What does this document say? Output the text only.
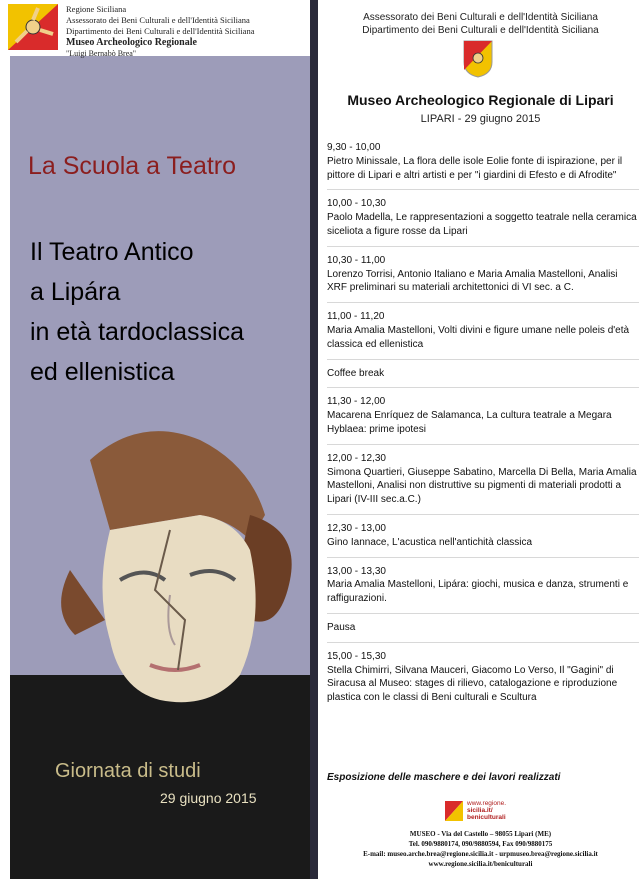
Regione Siciliana
Assessorato dei Beni Culturali e dell'Identità Siciliana
Dipartimento dei Beni Culturali e dell'Identità Siciliana
Museo Archeologico Regionale
"Luigi Bernabò Brea"
La Scuola a Teatro
Il Teatro Antico
a Lipára
in età tardoclassica
ed ellenistica
Giornata di studi
29 giugno 2015
Assessorato dei Beni Culturali e dell'Identità Siciliana
Dipartimento dei Beni Culturali e dell'Identità Siciliana
Museo Archeologico Regionale di Lipari
LIPARI - 29 giugno 2015
9,30 - 10,00
Pietro Minissale, La flora delle isole Eolie fonte di ispirazione, per il pittore di Lipari e altri artisti e per "i giardini di Efesto e di Afrodite"
10,00 - 10,30
Paolo Madella, Le rappresentazioni a soggetto teatrale nella ceramica siceliota a figure rosse da Lipari
10,30 - 11,00
Lorenzo Torrisi, Antonio Italiano e Maria Amalia Mastelloni, Analisi XRF preliminari su materiali architettonici di VI sec. a C.
11,00 - 11,20
Maria Amalia Mastelloni, Volti divini e figure umane nelle poleis d'età classica ed ellenistica
Coffee break
11,30 - 12,00
Macarena Enríquez de Salamanca, La cultura teatrale a Megara Hyblaea: prime ipotesi
12,00 - 12,30
Simona Quartieri, Giuseppe Sabatino, Marcella Di Bella, Maria Amalia Mastelloni, Analisi non distruttive su pigmenti di materiali prodotti a Lipari (IV-III sec.a.C.)
12,30 - 13,00
Gino Iannace, L'acustica nell'antichità classica
13,00 - 13,30
Maria Amalia Mastelloni, Lipára: giochi, musica e danza, strumenti e raffigurazioni.
Pausa
15,00 - 15,30
Stella Chimirri, Silvana Mauceri, Giacomo Lo Verso, Il "Gagini" di Siracusa al Museo: stages di rilievo, catalogazione e riproduzione plastica con le classi di Beni culturali e Scultura
Esposizione delle maschere e dei lavori realizzati
www.regione.
sicilia.it/
beniculturali
MUSEO - Via del Castello – 98055 Lipari (ME)
Tel. 090/9880174, 090/9880594, Fax 090/9880175
E-mail: museo.arche.brea@regione.sicilia.it - urpmuseo.brea@regione.sicilia.it
www.regione.sicilia.it/beniculturali
